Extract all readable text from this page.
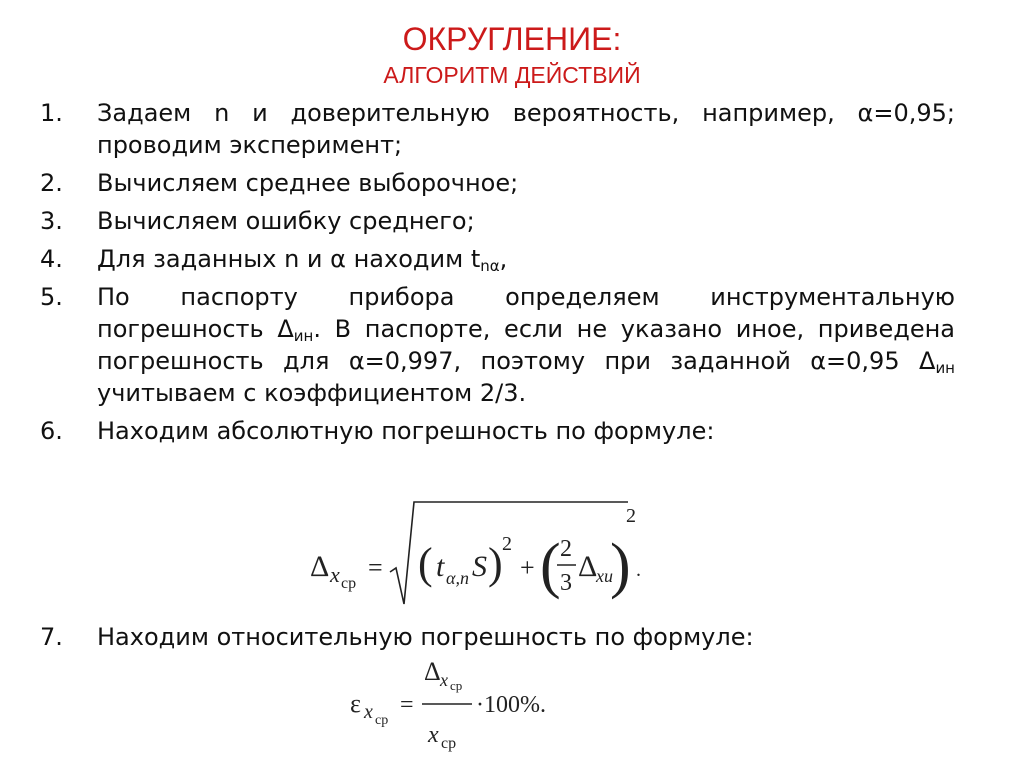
ОКРУГЛЕНИЕ:
АЛГОРИТМ ДЕЙСТВИЙ
1. Задаем n и доверительную вероятность, например, α=0,95; проводим эксперимент;
2. Вычисляем среднее выборочное;
3. Вычисляем ошибку среднего;
4. Для заданных n и α находим $t_{n\alpha}$,
5. По паспорту прибора определяем инструментальную погрешность $\Delta_{ин}$. В паспорте, если не указано иное, приведена погрешность для α=0,997, поэтому при заданной α=0,95 $\Delta_{ин}$ учитываем с коэффициентом 2/3.
6. Находим абсолютную погрешность по формуле:
Δ x ср
= ( t α,n S ) 2
+ ( 2
3 Δ
xи
)
2
.
7. Находим относительную погрешность по формуле:
ε x ср
=
Δ x ср
x ср
·100%.
